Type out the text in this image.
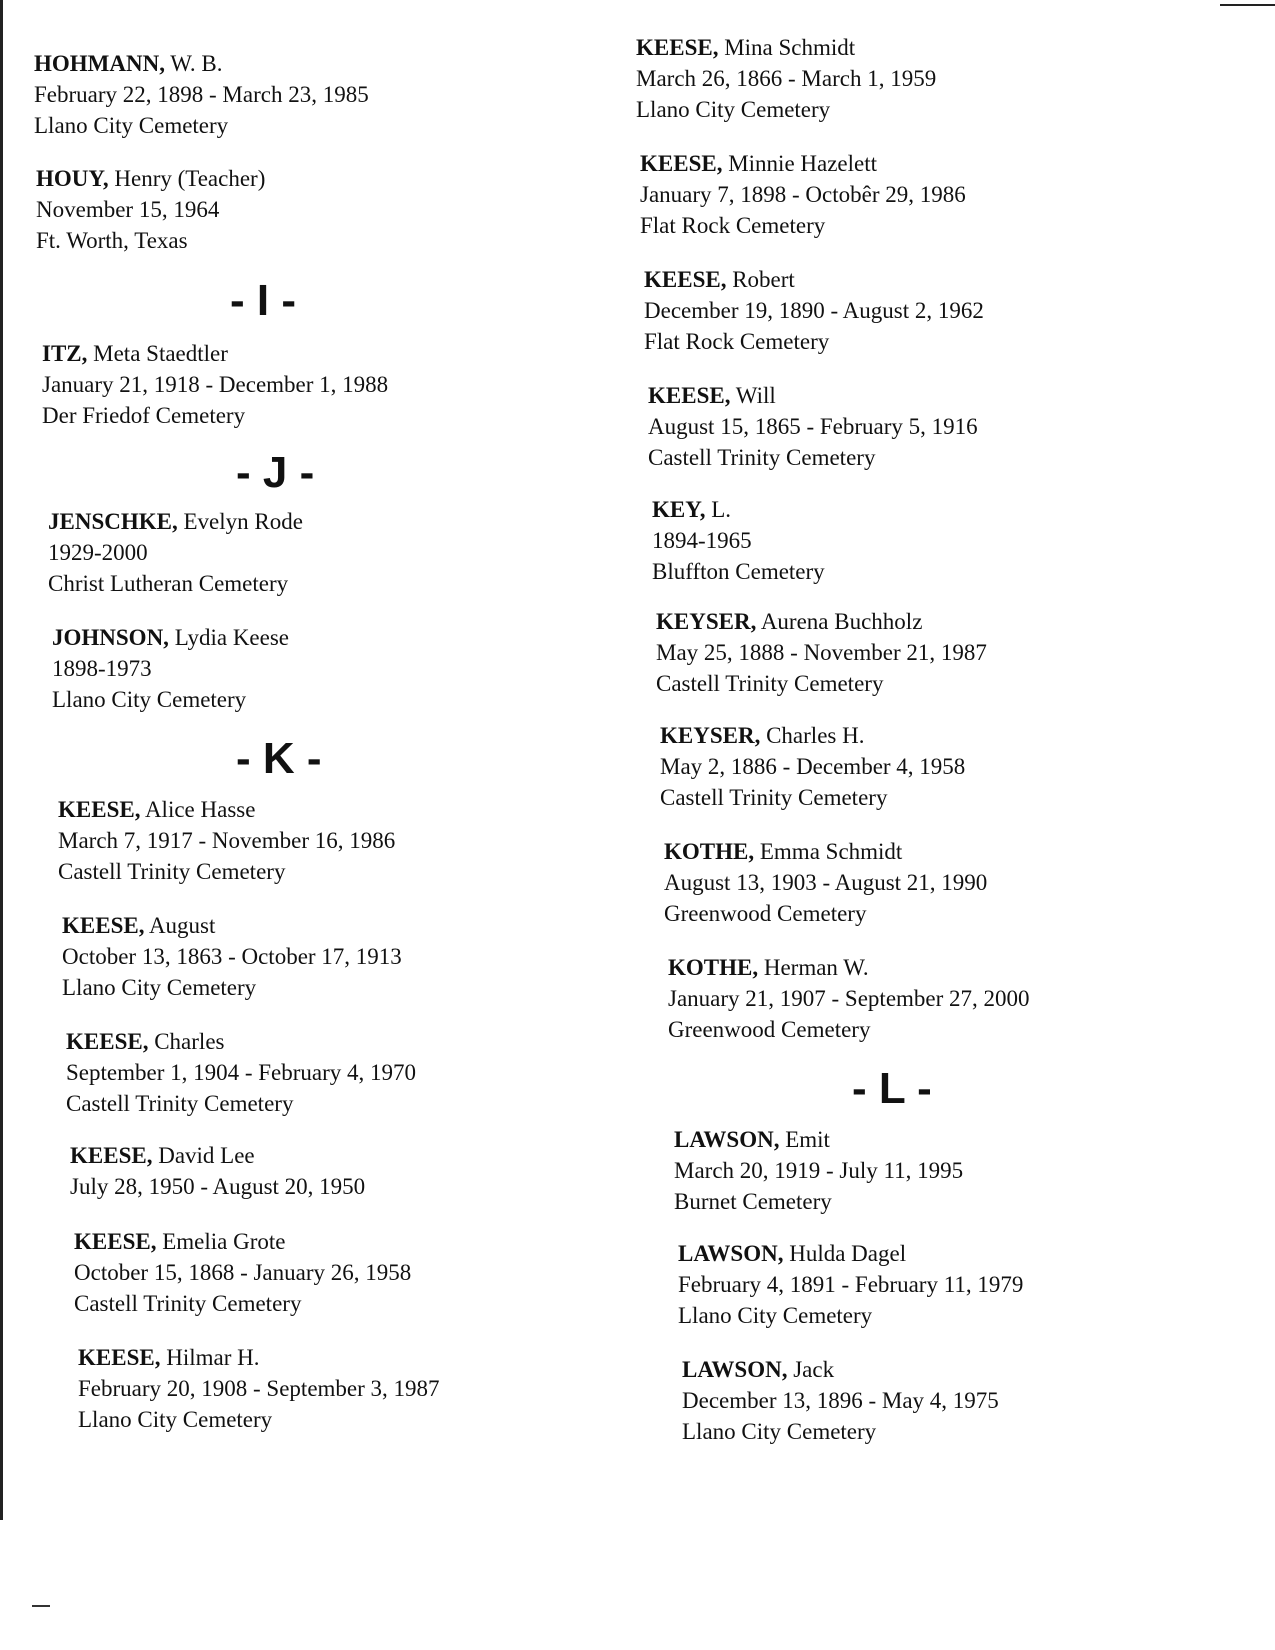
HOHMANN, W. B.
February 22, 1898 - March 23, 1985
Llano City Cemetery
HOUY, Henry (Teacher)
November 15, 1964
Ft. Worth, Texas
- I -
ITZ, Meta Staedtler
January 21, 1918 - December 1, 1988
Der Friedof Cemetery
- J -
JENSCHKE, Evelyn Rode
1929-2000
Christ Lutheran Cemetery
JOHNSON, Lydia Keese
1898-1973
Llano City Cemetery
- K -
KEESE, Alice Hasse
March 7, 1917 - November 16, 1986
Castell Trinity Cemetery
KEESE, August
October 13, 1863 - October 17, 1913
Llano City Cemetery
KEESE, Charles
September 1, 1904 - February 4, 1970
Castell Trinity Cemetery
KEESE, David Lee
July 28, 1950 - August 20, 1950
KEESE, Emelia Grote
October 15, 1868 - January 26, 1958
Castell Trinity Cemetery
KEESE, Hilmar H.
February 20, 1908 - September 3, 1987
Llano City Cemetery
KEESE, Mina Schmidt
March 26, 1866 - March 1, 1959
Llano City Cemetery
KEESE, Minnie Hazelett
January 7, 1898 - Octobêr 29, 1986
Flat Rock Cemetery
KEESE, Robert
December 19, 1890 - August 2, 1962
Flat Rock Cemetery
KEESE, Will
August 15, 1865 - February 5, 1916
Castell Trinity Cemetery
KEY, L.
1894-1965
Bluffton Cemetery
KEYSER, Aurena Buchholz
May 25, 1888 - November 21, 1987
Castell Trinity Cemetery
KEYSER, Charles H.
May 2, 1886 - December 4, 1958
Castell Trinity Cemetery
KOTHE, Emma Schmidt
August 13, 1903 - August 21, 1990
Greenwood Cemetery
KOTHE, Herman W.
January 21, 1907 - September 27, 2000
Greenwood Cemetery
- L -
LAWSON, Emit
March 20, 1919 - July 11, 1995
Burnet Cemetery
LAWSON, Hulda Dagel
February 4, 1891 - February 11, 1979
Llano City Cemetery
LAWSON, Jack
December 13, 1896 - May 4, 1975
Llano City Cemetery
